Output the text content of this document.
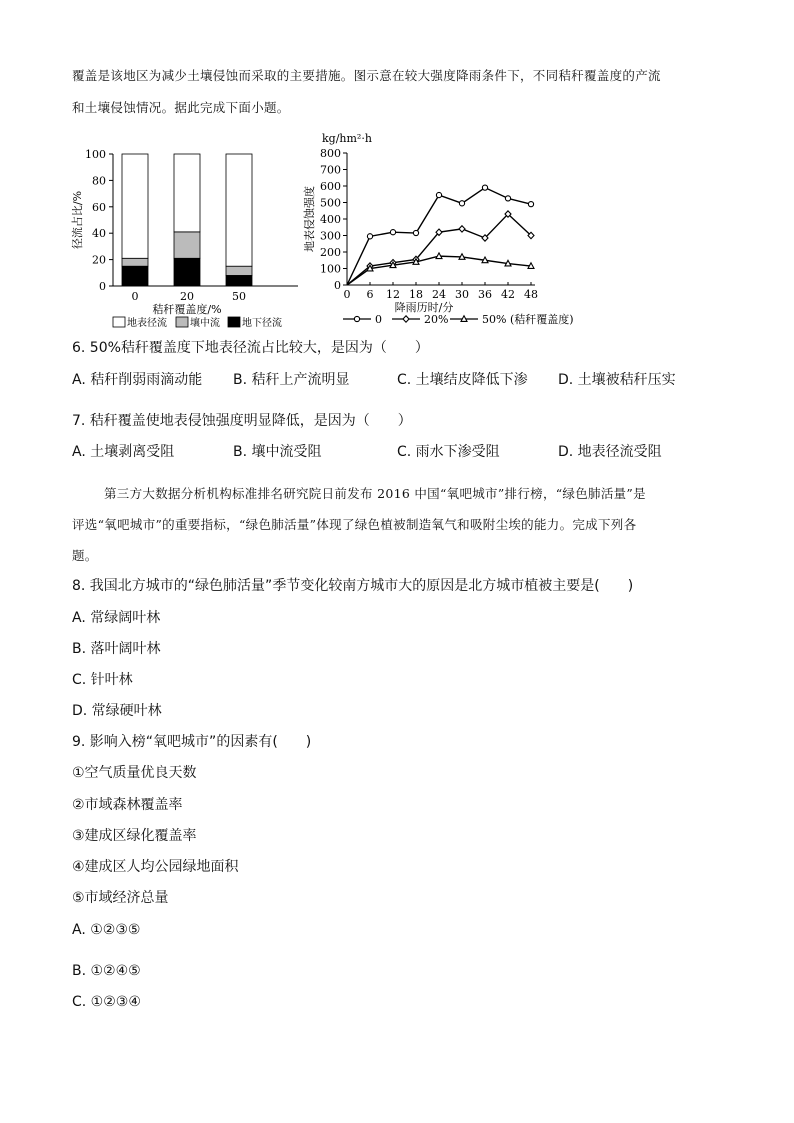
覆盖是该地区为减少土壤侵蚀而采取的主要措施。图示意在较大强度降雨条件下，不同秸秆覆盖度的产流
和土壤侵蚀情况。据此完成下面小题。
0
20
40
60
80
100
径流占比/%
0	20	50
秸秆覆盖度/%
地表径流 壤中流 地下径流
kg/hm²·h
0
100
200
300
400
500
600
700
800
0 6 12 18 24 30 36 42 48
地表侵蚀强度
降雨历时/分
0	20%	50% (秸秆覆盖度)
6. 50%秸秆覆盖度下地表径流占比较大，是因为（　　）
A. 秸秆削弱雨滴动能 B. 秸秆上产流明显	C. 土壤结皮降低下渗 D. 土壤被秸秆压实
7. 秸秆覆盖使地表侵蚀强度明显降低，是因为（　　）
A. 土壤剥离受阻	B. 壤中流受阻	C. 雨水下渗受阻	D. 地表径流受阻
第三方大数据分析机构标准排名研究院日前发布 2016 中国“氧吧城市”排行榜，“绿色肺活量”是
评选“氧吧城市”的重要指标，“绿色肺活量”体现了绿色植被制造氧气和吸附尘埃的能力。完成下列各
题。
8. 我国北方城市的“绿色肺活量”季节变化较南方城市大的原因是北方城市植被主要是(　　)
A. 常绿阔叶林
B. 落叶阔叶林
C. 针叶林
D. 常绿硬叶林
9. 影响入榜“氧吧城市”的因素有(　　)
①空气质量优良天数
②市域森林覆盖率
③建成区绿化覆盖率
④建成区人均公园绿地面积
⑤市域经济总量
A. ①②③⑤
B. ①②④⑤
C. ①②③④
